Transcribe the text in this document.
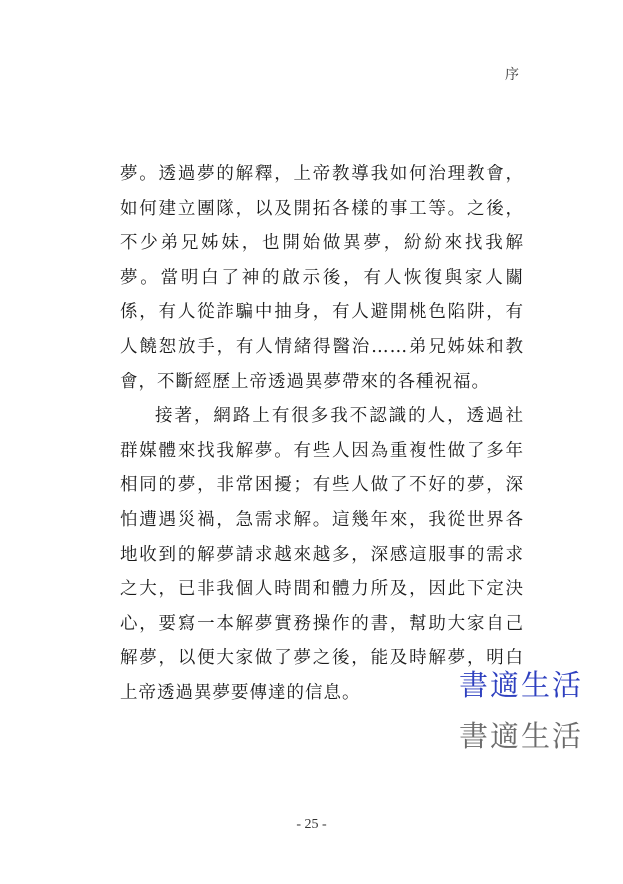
序

夢。透過夢的解釋，上帝教導我如何治理教會，如何建立團隊，以及開拓各樣的事工等。之後，不少弟兄姊妹，也開始做異夢，紛紛來找我解夢。當明白了神的啟示後，有人恢復與家人關係，有人從詐騙中抽身，有人避開桃色陷阱，有人饒恕放手，有人情緒得醫治……弟兄姊妹和教會，不斷經歷上帝透過異夢帶來的各種祝福。

接著，網路上有很多我不認識的人，透過社群媒體來找我解夢。有些人因為重複性做了多年相同的夢，非常困擾；有些人做了不好的夢，深怕遭遇災禍，急需求解。這幾年來，我從世界各地收到的解夢請求越來越多，深感這服事的需求之大，已非我個人時間和體力所及，因此下定決心，要寫一本解夢實務操作的書，幫助大家自己解夢，以便大家做了夢之後，能及時解夢，明白上帝透過異夢要傳達的信息。	書適生活
書適生活
- 25 -
